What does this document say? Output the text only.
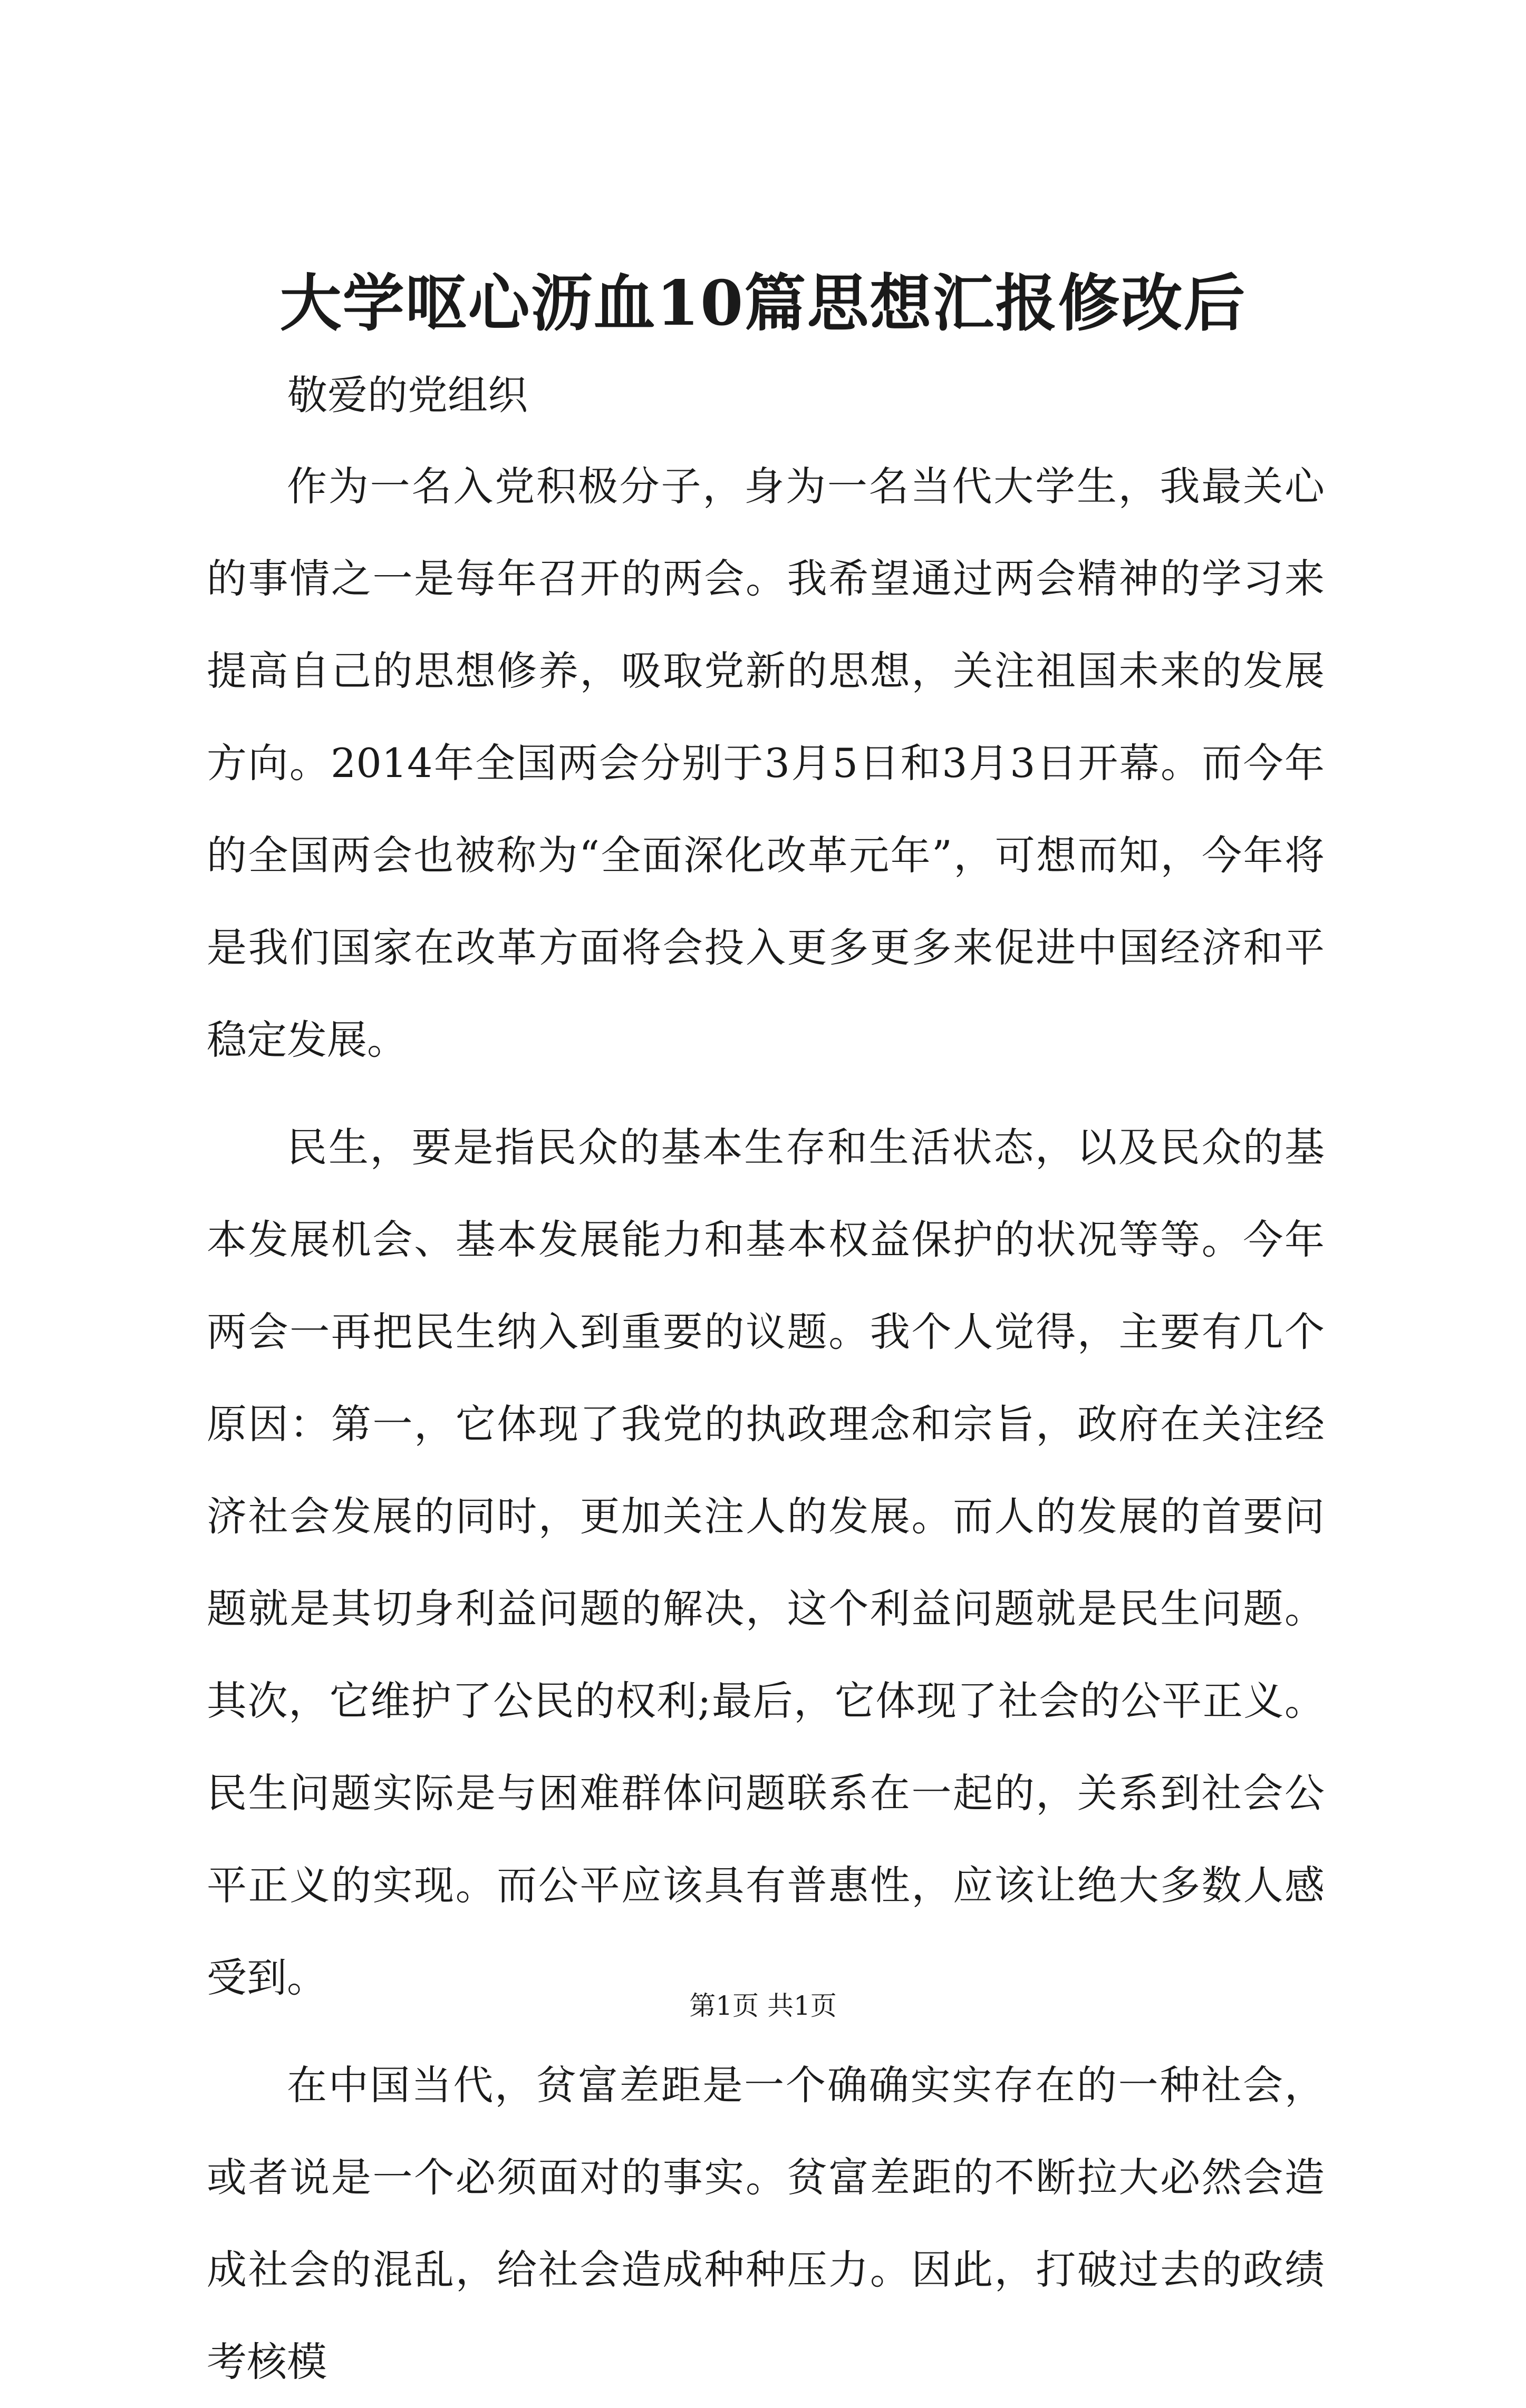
大学呕心沥血10篇思想汇报修改后

敬爱的党组织

作为一名入党积极分子，身为一名当代大学生，我最关心的事情之一是每年召开的两会。我希望通过两会精神的学习来提高自己的思想修养，吸取党新的思想，关注祖国未来的发展方向。2014年全国两会分别于3月5日和3月3日开幕。而今年的全国两会也被称为“全面深化改革元年”，可想而知，今年将是我们国家在改革方面将会投入更多更多来促进中国经济和平稳定发展。

民生，要是指民众的基本生存和生活状态，以及民众的基本发展机会、基本发展能力和基本权益保护的状况等等。今年两会一再把民生纳入到重要的议题。我个人觉得，主要有几个原因：第一，它体现了我党的执政理念和宗旨，政府在关注经济社会发展的同时，更加关注人的发展。而人的发展的首要问题就是其切身利益问题的解决，这个利益问题就是民生问题。其次，它维护了公民的权利;最后，它体现了社会的公平正义。民生问题实际是与困难群体问题联系在一起的，关系到社会公平正义的实现。而公平应该具有普惠性，应该让绝大多数人感受到。

在中国当代，贫富差距是一个确确实实存在的一种社会，或者说是一个必须面对的事实。贫富差距的不断拉大必然会造成社会的混乱，给社会造成种种压力。因此，打破过去的政绩考核模

第1页 共1页
